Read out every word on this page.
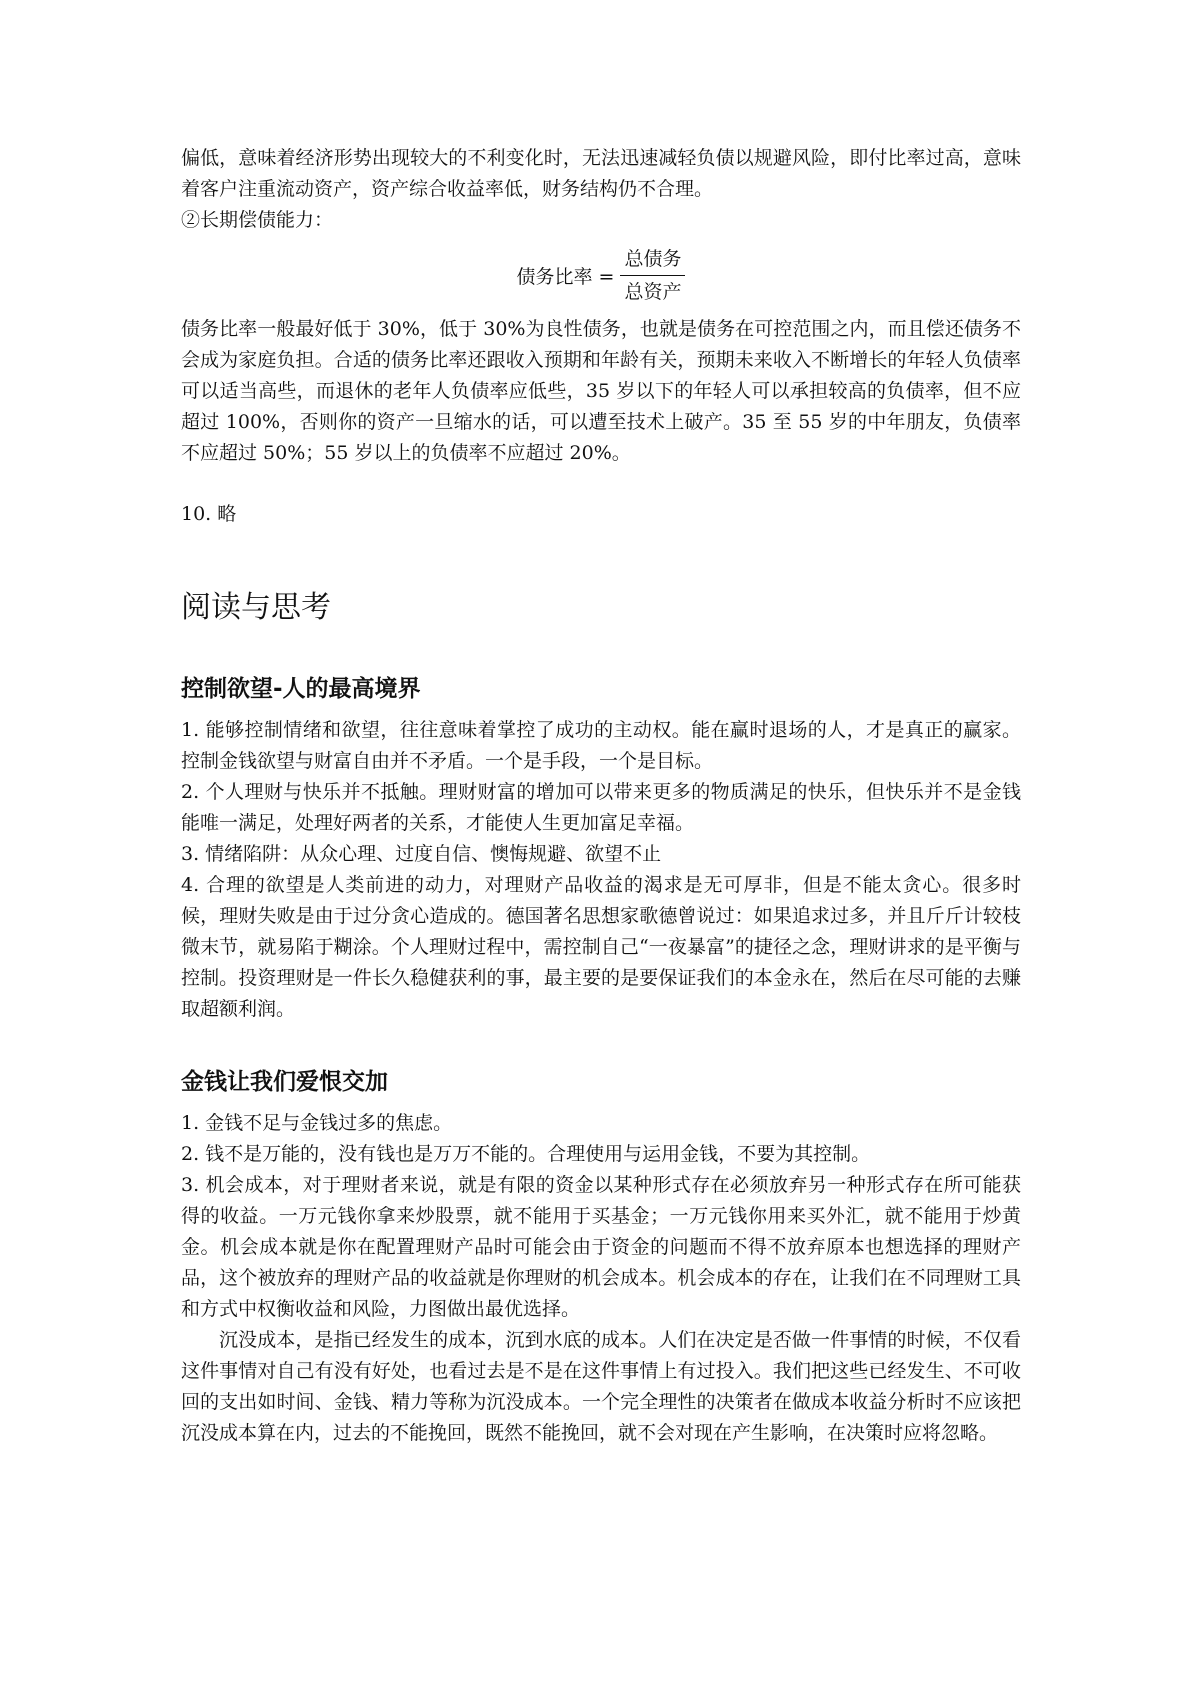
偏低，意味着经济形势出现较大的不利变化时，无法迅速减轻负债以规避风险，即付比率过高，意味着客户注重流动资产，资产综合收益率低，财务结构仍不合理。

②长期偿债能力：

债务比率 = $\frac{\text{总债务}}{\text{总资产}}$

债务比率一般最好低于 30%，低于 30%为良性债务，也就是债务在可控范围之内，而且偿还债务不会成为家庭负担。合适的债务比率还跟收入预期和年龄有关，预期未来收入不断增长的年轻人负债率可以适当高些，而退休的老年人负债率应低些，35 岁以下的年轻人可以承担较高的负债率，但不应超过 100%，否则你的资产一旦缩水的话，可以遭至技术上破产。35 至 55 岁的中年朋友，负债率不应超过 50%；55 岁以上的负债率不应超过 20%。

10. 略

阅读与思考
控制欲望-人的最高境界

1. 能够控制情绪和欲望，往往意味着掌控了成功的主动权。能在赢时退场的人，才是真正的赢家。控制金钱欲望与财富自由并不矛盾。一个是手段，一个是目标。

2. 个人理财与快乐并不抵触。理财财富的增加可以带来更多的物质满足的快乐，但快乐并不是金钱能唯一满足，处理好两者的关系，才能使人生更加富足幸福。

3. 情绪陷阱：从众心理、过度自信、懊悔规避、欲望不止

4. 合理的欲望是人类前进的动力，对理财产品收益的渴求是无可厚非，但是不能太贪心。很多时候，理财失败是由于过分贪心造成的。德国著名思想家歌德曾说过：如果追求过多，并且斤斤计较枝微末节，就易陷于糊涂。个人理财过程中，需控制自己“一夜暴富”的捷径之念，理财讲求的是平衡与控制。投资理财是一件长久稳健获利的事，最主要的是要保证我们的本金永在，然后在尽可能的去赚取超额利润。

金钱让我们爱恨交加

1. 金钱不足与金钱过多的焦虑。

2. 钱不是万能的，没有钱也是万万不能的。合理使用与运用金钱，不要为其控制。

3. 机会成本，对于理财者来说，就是有限的资金以某种形式存在必须放弃另一种形式存在所可能获得的收益。一万元钱你拿来炒股票，就不能用于买基金；一万元钱你用来买外汇，就不能用于炒黄金。机会成本就是你在配置理财产品时可能会由于资金的问题而不得不放弃原本也想选择的理财产品，这个被放弃的理财产品的收益就是你理财的机会成本。机会成本的存在，让我们在不同理财工具和方式中权衡收益和风险，力图做出最优选择。

沉没成本，是指已经发生的成本，沉到水底的成本。人们在决定是否做一件事情的时候，不仅看这件事情对自己有没有好处，也看过去是不是在这件事情上有过投入。我们把这些已经发生、不可收回的支出如时间、金钱、精力等称为沉没成本。一个完全理性的决策者在做成本收益分析时不应该把沉没成本算在内，过去的不能挽回，既然不能挽回，就不会对现在产生影响，在决策时应将忽略。
